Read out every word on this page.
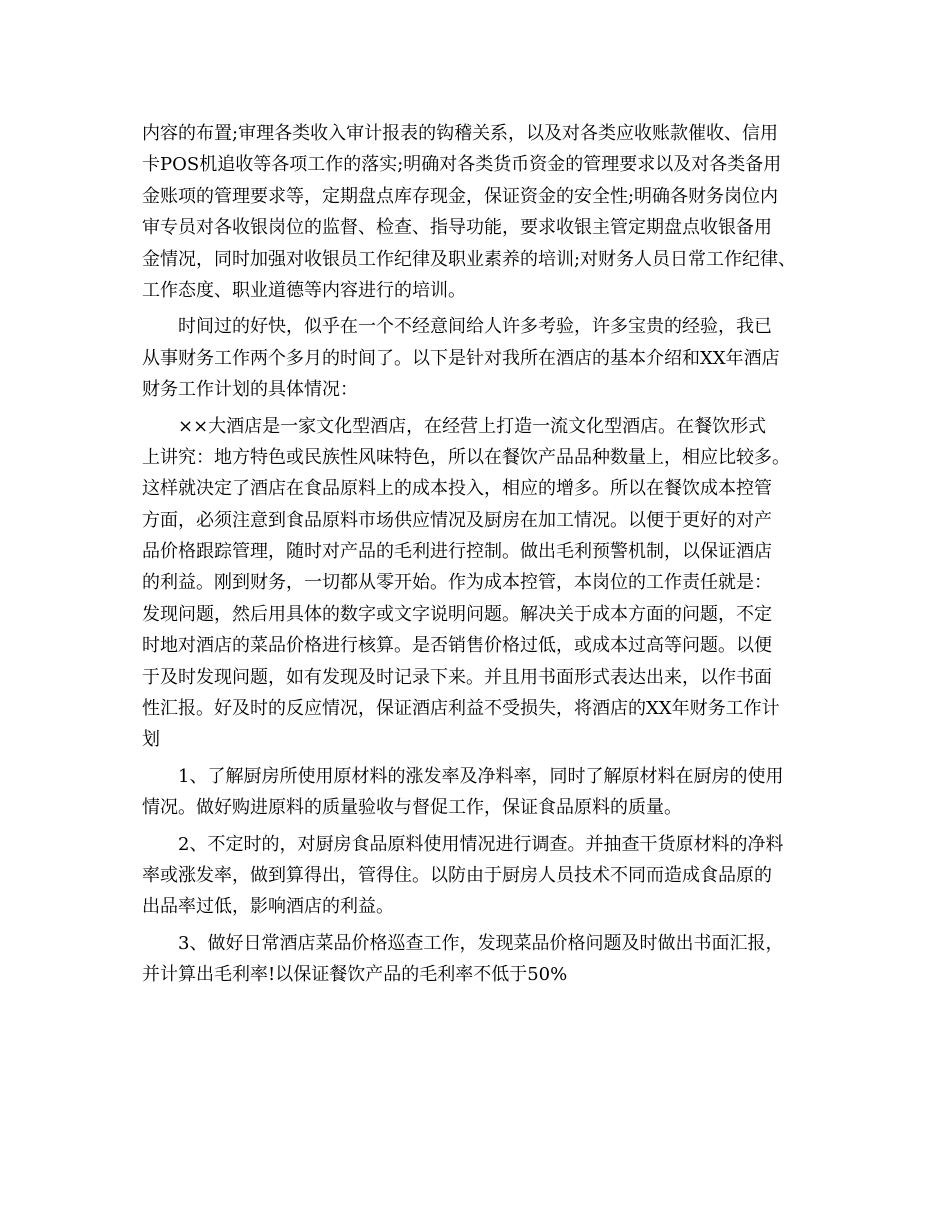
内容的布置;审理各类收入审计报表的钩稽关系，以及对各类应收账款催收、信用
卡POS机追收等各项工作的落实;明确对各类货币资金的管理要求以及对各类备用
金账项的管理要求等，定期盘点库存现金，保证资金的安全性;明确各财务岗位内
审专员对各收银岗位的监督、检查、指导功能，要求收银主管定期盘点收银备用
金情况，同时加强对收银员工作纪律及职业素养的培训;对财务人员日常工作纪律、
工作态度、职业道德等内容进行的培训。
时间过的好快，似乎在一个不经意间给人许多考验，许多宝贵的经验，我已
从事财务工作两个多月的时间了。以下是针对我所在酒店的基本介绍和XX年酒店
财务工作计划的具体情况：
××大酒店是一家文化型酒店，在经营上打造一流文化型酒店。在餐饮形式
上讲究：地方特色或民族性风味特色，所以在餐饮产品品种数量上，相应比较多。
这样就决定了酒店在食品原料上的成本投入，相应的增多。所以在餐饮成本控管
方面，必须注意到食品原料市场供应情况及厨房在加工情况。以便于更好的对产
品价格跟踪管理，随时对产品的毛利进行控制。做出毛利预警机制，以保证酒店
的利益。刚到财务，一切都从零开始。作为成本控管，本岗位的工作责任就是：
发现问题，然后用具体的数字或文字说明问题。解决关于成本方面的问题，不定
时地对酒店的菜品价格进行核算。是否销售价格过低，或成本过高等问题。以便
于及时发现问题，如有发现及时记录下来。并且用书面形式表达出来，以作书面
性汇报。好及时的反应情况，保证酒店利益不受损失，将酒店的XX年财务工作计
划
1、了解厨房所使用原材料的涨发率及净料率，同时了解原材料在厨房的使用
情况。做好购进原料的质量验收与督促工作，保证食品原料的质量。
2、不定时的，对厨房食品原料使用情况进行调查。并抽查干货原材料的净料
率或涨发率，做到算得出，管得住。以防由于厨房人员技术不同而造成食品原的
出品率过低，影响酒店的利益。
3、做好日常酒店菜品价格巡查工作，发现菜品价格问题及时做出书面汇报，
并计算出毛利率!以保证餐饮产品的毛利率不低于50%
